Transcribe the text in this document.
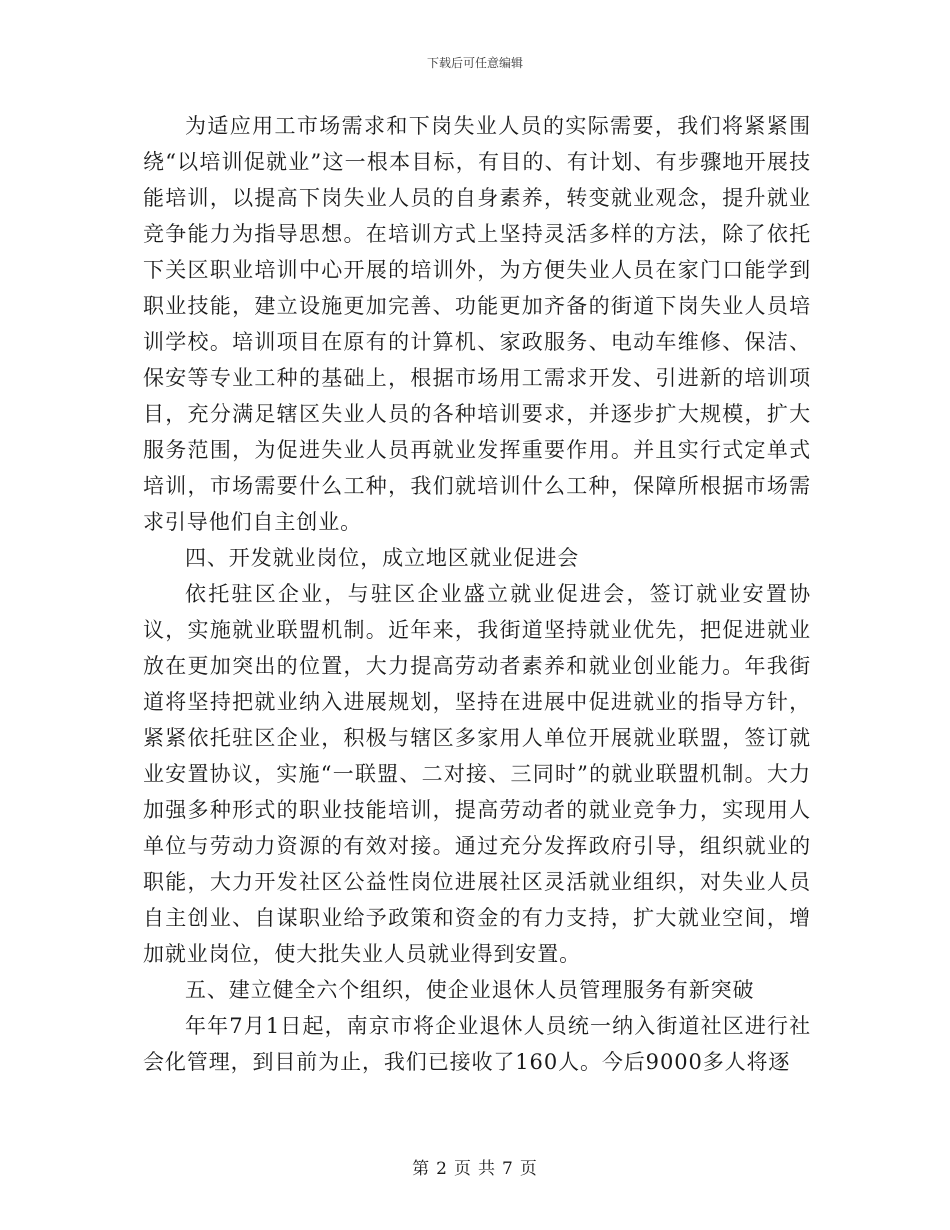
下载后可任意编辑

为适应用工市场需求和下岗失业人员的实际需要，我们将紧紧围绕“以培训促就业”这一根本目标，有目的、有计划、有步骤地开展技能培训，以提高下岗失业人员的自身素养，转变就业观念，提升就业竞争能力为指导思想。在培训方式上坚持灵活多样的方法，除了依托下关区职业培训中心开展的培训外，为方便失业人员在家门口能学到职业技能，建立设施更加完善、功能更加齐备的街道下岗失业人员培训学校。培训项目在原有的计算机、家政服务、电动车维修、保洁、保安等专业工种的基础上，根据市场用工需求开发、引进新的培训项目，充分满足辖区失业人员的各种培训要求，并逐步扩大规模，扩大服务范围，为促进失业人员再就业发挥重要作用。并且实行式定单式培训，市场需要什么工种，我们就培训什么工种，保障所根据市场需求引导他们自主创业。

四、开发就业岗位，成立地区就业促进会

依托驻区企业，与驻区企业盛立就业促进会，签订就业安置协议，实施就业联盟机制。近年来，我街道坚持就业优先，把促进就业放在更加突出的位置，大力提高劳动者素养和就业创业能力。年我街道将坚持把就业纳入进展规划，坚持在进展中促进就业的指导方针，紧紧依托驻区企业，积极与辖区多家用人单位开展就业联盟，签订就业安置协议，实施“一联盟、二对接、三同时”的就业联盟机制。大力加强多种形式的职业技能培训，提高劳动者的就业竞争力，实现用人单位与劳动力资源的有效对接。通过充分发挥政府引导，组织就业的职能，大力开发社区公益性岗位进展社区灵活就业组织，对失业人员自主创业、自谋职业给予政策和资金的有力支持，扩大就业空间，增加就业岗位，使大批失业人员就业得到安置。

五、建立健全六个组织，使企业退休人员管理服务有新突破

年年7月1日起，南京市将企业退休人员统一纳入街道社区进行社会化管理，到目前为止，我们已接收了160人。今后9000多人将逐

第 2 页 共 7 页
